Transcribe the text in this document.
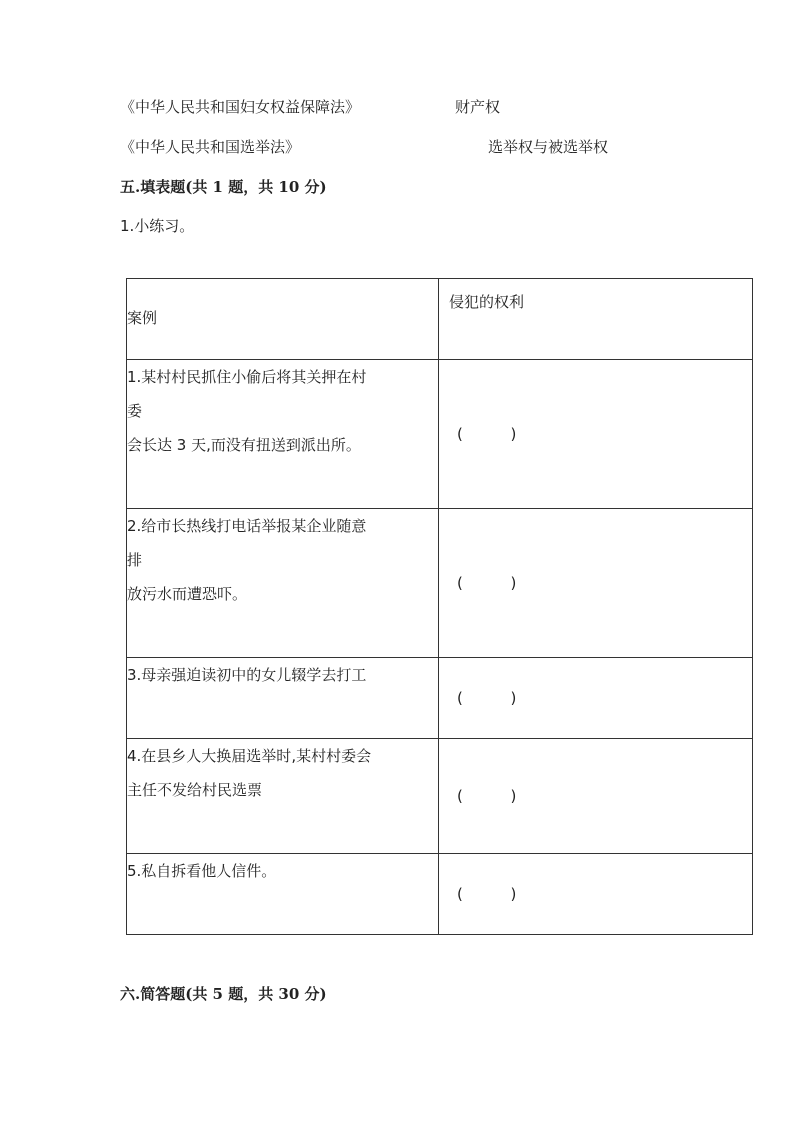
《中华人民共和国妇女权益保障法》	财产权
《中华人民共和国选举法》	选举权与被选举权
五.填表题(共 1 题，共 10 分)
1.小练习。
案例	侵犯的权利

1.某村村民抓住小偷后将其关押在村
委
会长达 3 天,而没有扭送到派出所。	(          )

2.给市长热线打电话举报某企业随意
排
放污水而遭恐吓。	(          )

3.母亲强迫读初中的女儿辍学去打工	(          )

4.在县乡人大换届选举时,某村村委会
主任不发给村民选票	(          )

5.私自拆看他人信件。	(          )
六.简答题(共 5 题，共 30 分)
